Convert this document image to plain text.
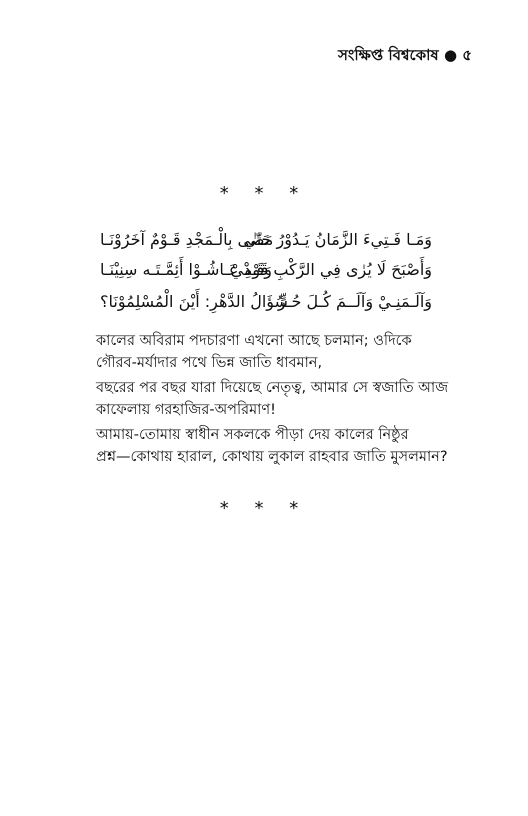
সংক্ষিপ্ত বিশ্বকোষ ● ৫
* * *
وَمَـا فَـتِيءَ الزَّمَانُ يَـدُوْرُ حَتّٰي
مَضٰى بِالْـمَجْدِ قَـوْمٌ آخَرُوْنَـا
وَأَصْبَحَ لَا يُرٰى فِي الرَّكْبِ قَوْمِيْ
وَقَـدْ عَـاشُـوْا أَئِمَّـتَـه سِنِيْنَـا
وَآلَـمَنِـيْ وَآلَــمَ كُـلَ حُـرٍّ
سُؤَالُ الدَّهْرِ: أَيْنَ الْمُسْلِمُوْنَا؟
কালের অবিরাম পদচারণা এখনো আছে চলমান; ওদিকে
গৌরব-মর্যাদার পথে ভিন্ন জাতি ধাবমান,
বছরের পর বছর যারা দিয়েছে নেতৃত্ব, আমার সে স্বজাতি আজ
কাফেলায় গরহাজির-অপরিমাণ!
আমায়-তোমায় স্বাধীন সকলকে পীড়া দেয় কালের নিষ্ঠুর
প্রশ্ন—কোথায় হারাল, কোথায় লুকাল রাহবার জাতি মুসলমান?
* * *
